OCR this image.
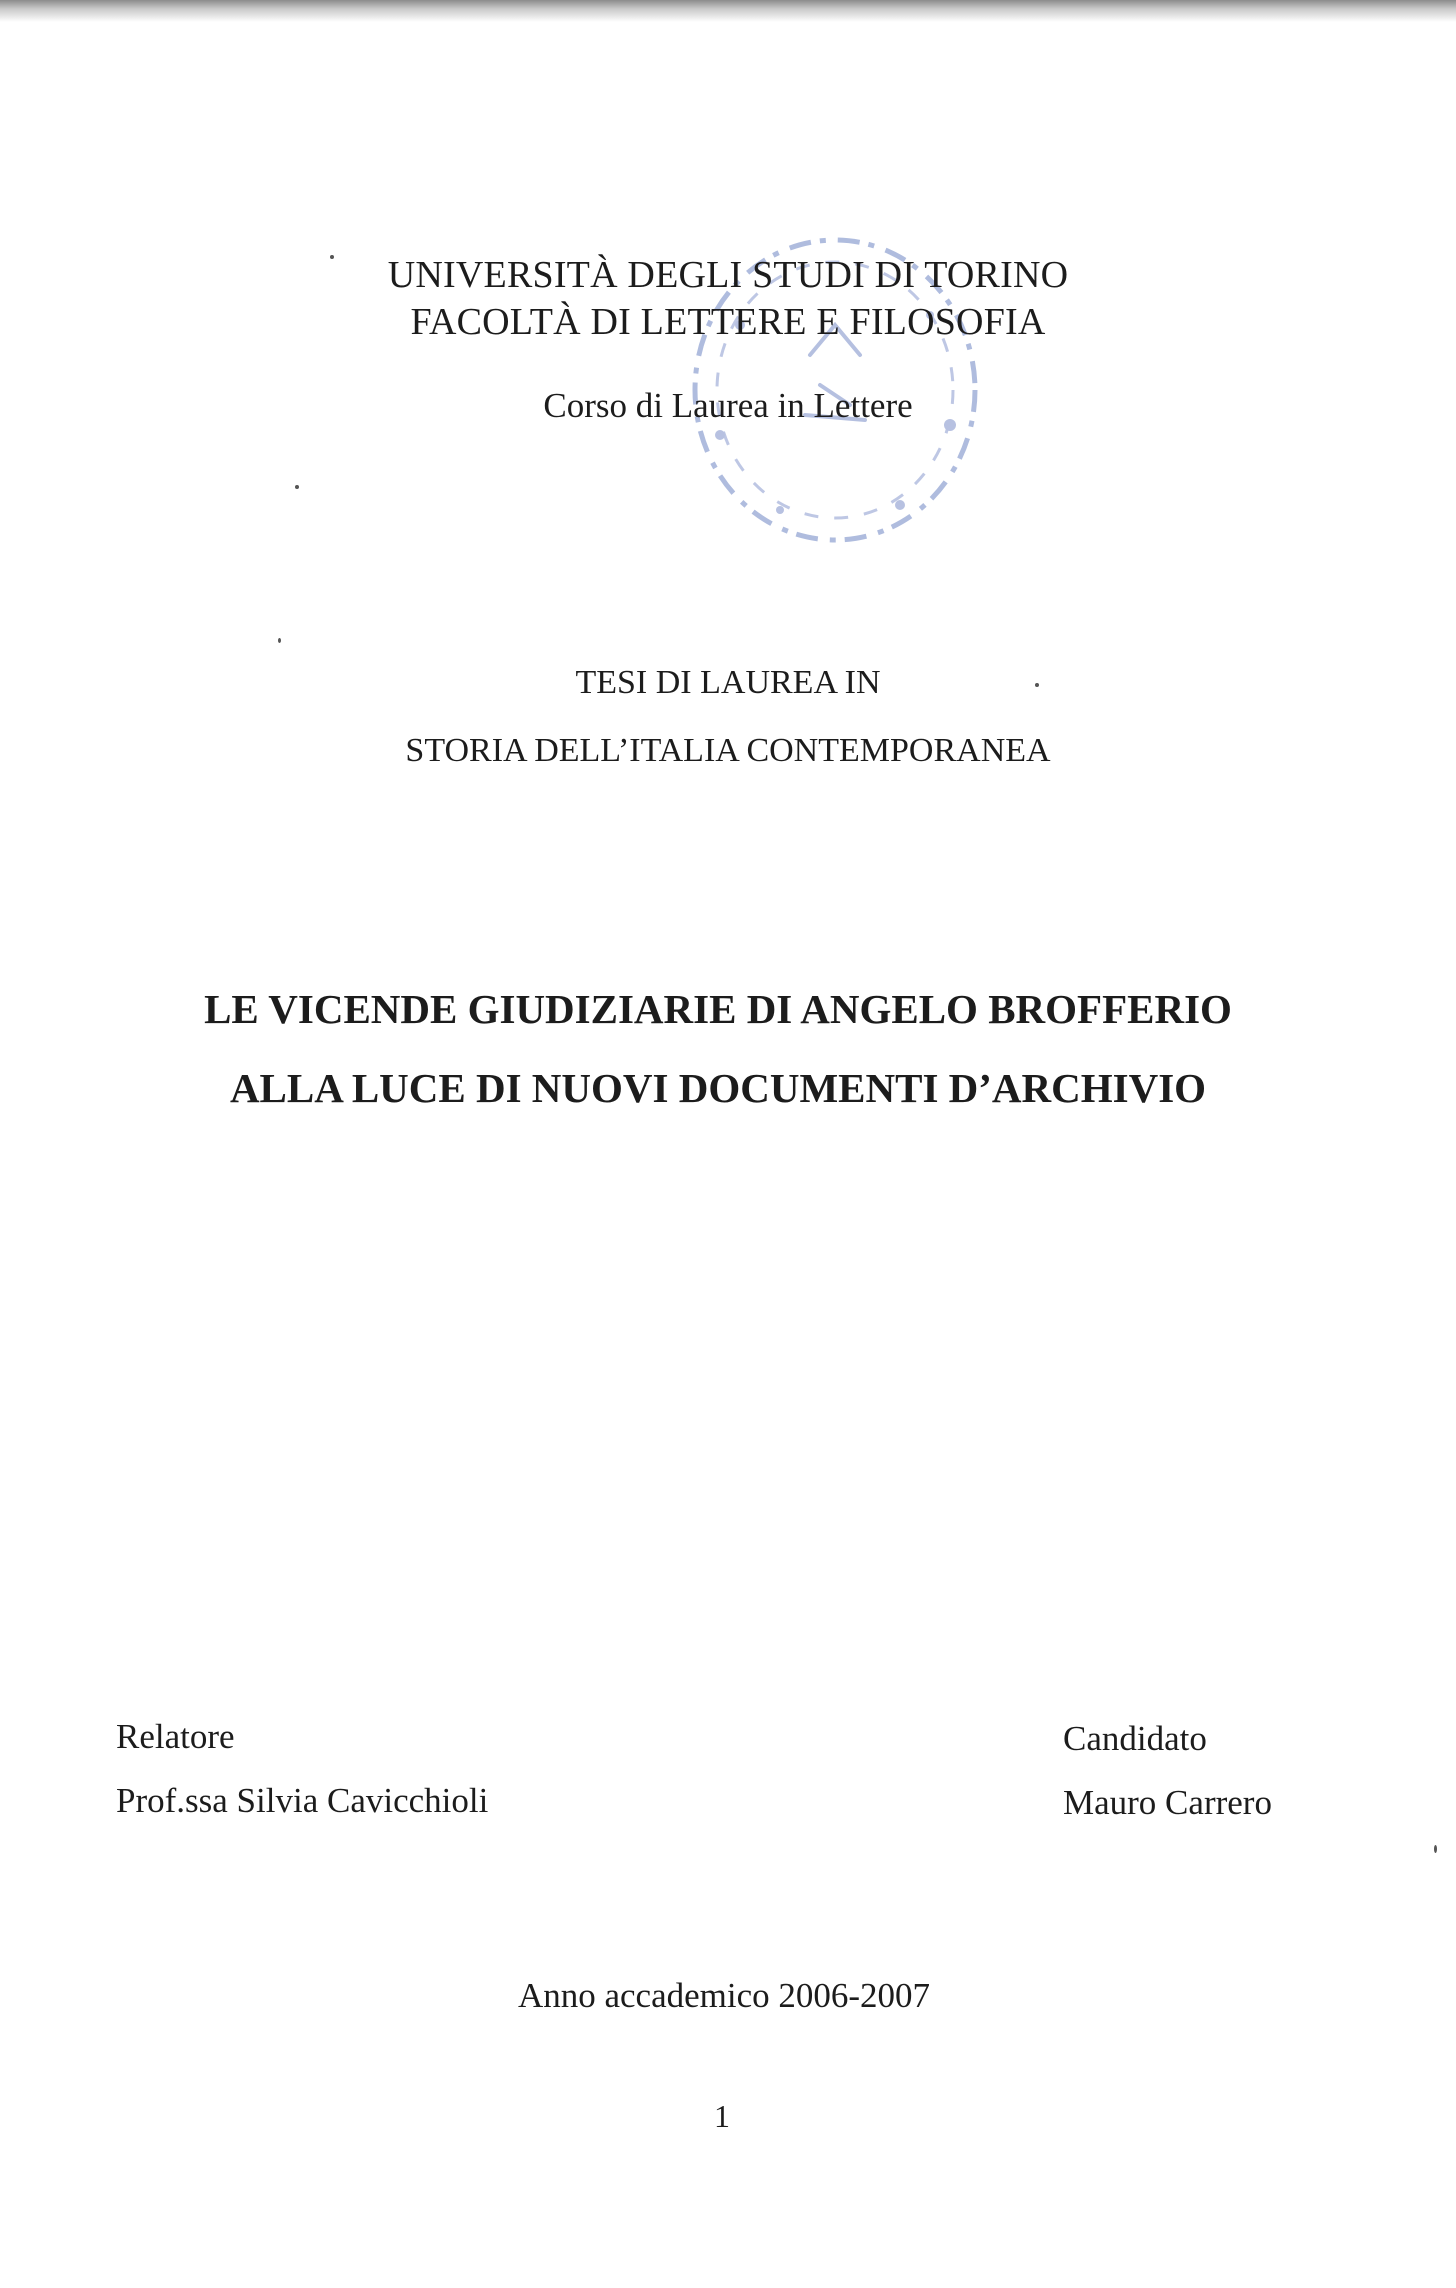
UNIVERSITÀ DEGLI STUDI DI TORINO
FACOLTÀ DI LETTERE E FILOSOFIA
Corso di Laurea in Lettere
TESI DI LAUREA IN
STORIA DELL’ITALIA CONTEMPORANEA
LE VICENDE GIUDIZIARIE DI ANGELO BROFFERIO
ALLA LUCE DI NUOVI DOCUMENTI D’ARCHIVIO
Relatore
Prof.ssa Silvia Cavicchioli
Candidato
Mauro Carrero
Anno accademico 2006-2007
1
